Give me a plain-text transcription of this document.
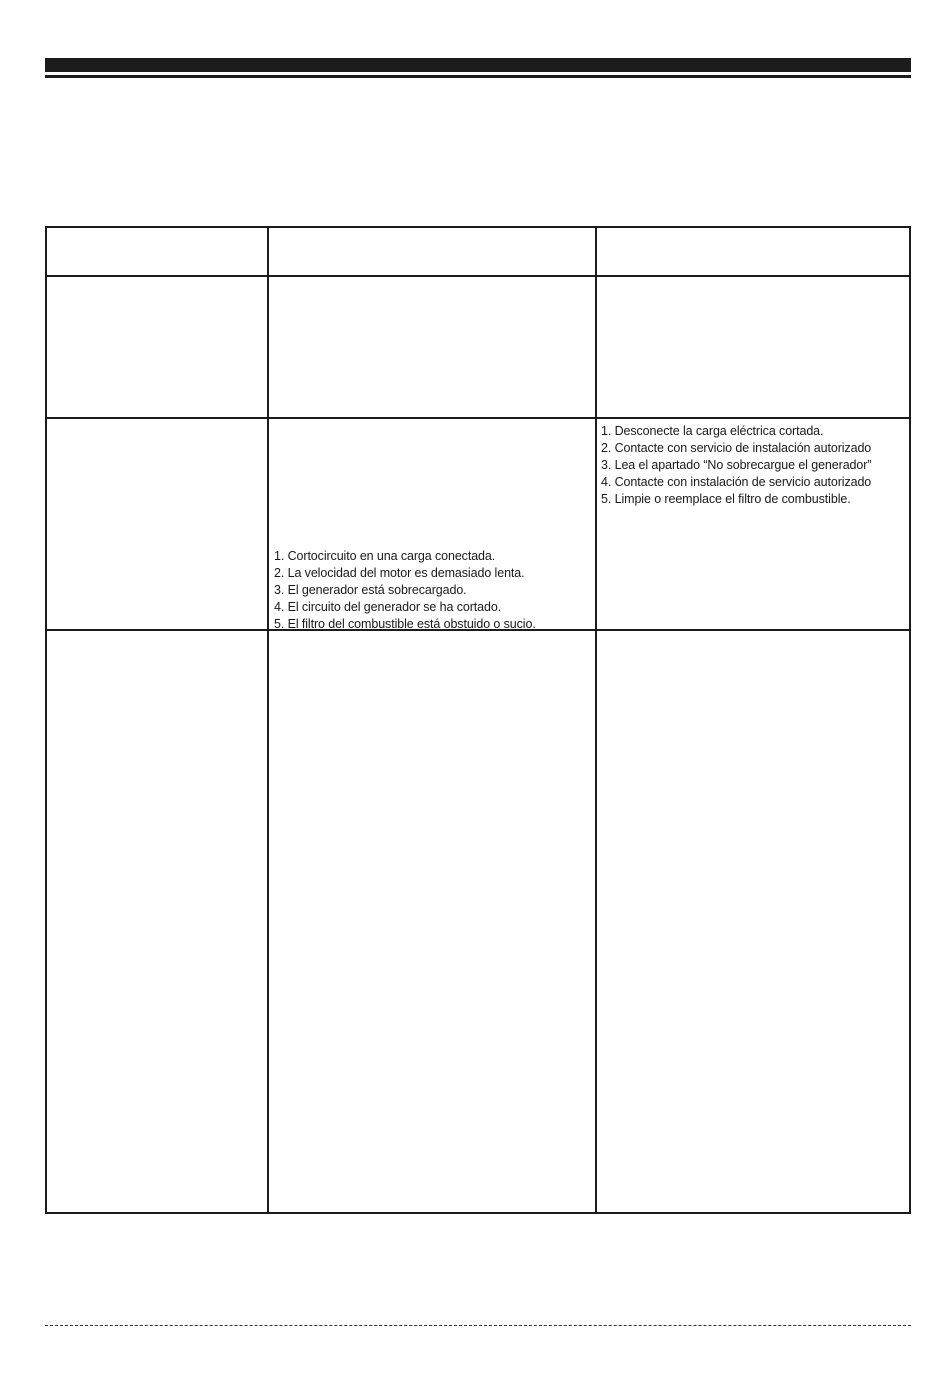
1. Cortocircuito en una carga conectada.
2. La velocidad del motor es demasiado lenta.
3. El generador está sobrecargado.
4. El circuito del generador se ha cortado.
5. El filtro del combustible está obstuido o sucio.
1. Desconecte la carga eléctrica cortada.
2. Contacte con servicio de instalación autorizado
3. Lea el apartado “No sobrecargue el generador”
4. Contacte con instalación de servicio autorizado
5. Limpie o reemplace el filtro de combustible.
